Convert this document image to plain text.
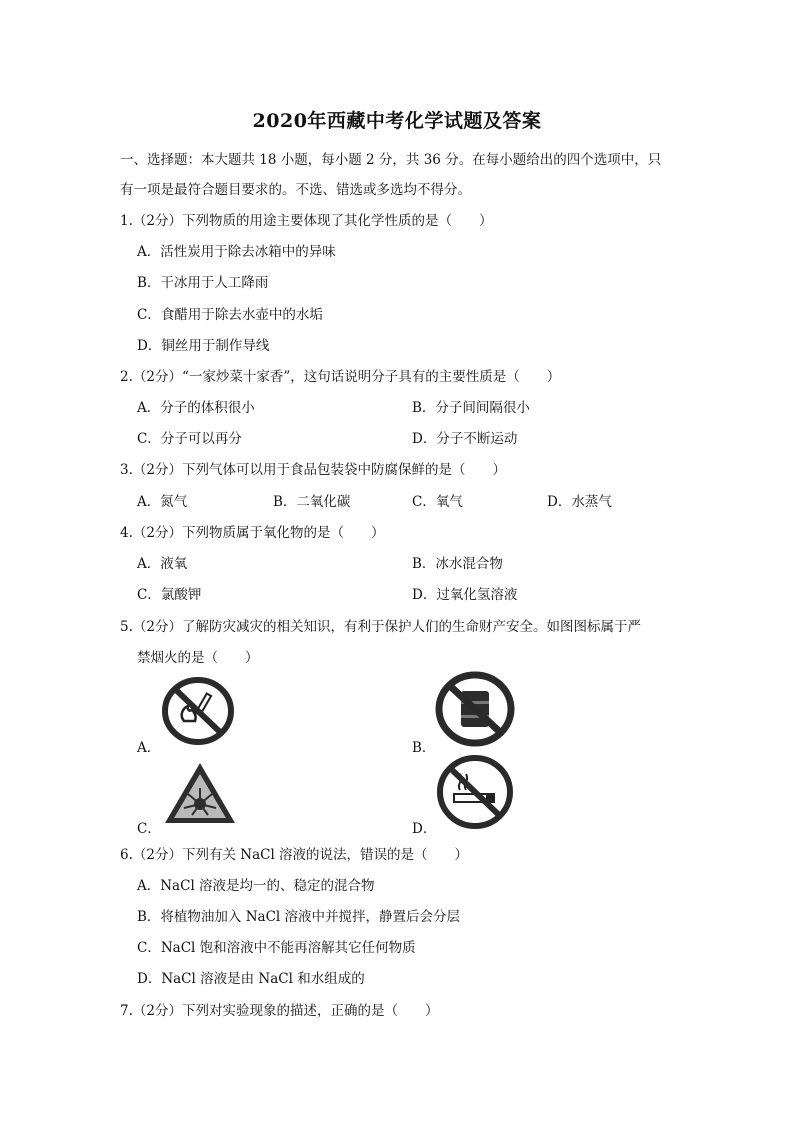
2020年西藏中考化学试题及答案
一、选择题：本大题共 18 小题，每小题 2 分，共 36 分。在每小题给出的四个选项中，只
有一项是最符合题目要求的。不选、错选或多选均不得分。
1.（2分）下列物质的用途主要体现了其化学性质的是（　　）
A．活性炭用于除去冰箱中的异味
B．干冰用于人工降雨
C．食醋用于除去水壶中的水垢
D．铜丝用于制作导线
2.（2分）“一家炒菜十家香”，这句话说明分子具有的主要性质是（　　）
A．分子的体积很小	B．分子间间隔很小
C．分子可以再分	D．分子不断运动
3.（2分）下列气体可以用于食品包装袋中防腐保鲜的是（　　）
A．氮气	B．二氧化碳	C．氧气	D．水蒸气
4.（2分）下列物质属于氧化物的是（　　）
A．液氧	B．冰水混合物
C．氯酸钾	D．过氧化氢溶液
5.（2分）了解防灾减灾的相关知识，有利于保护人们的生命财产安全。如图图标属于严
禁烟火的是（　　）
A．	B．
C．	D．
6.（2分）下列有关 NaCl 溶液的说法，错误的是（　　）
A．NaCl 溶液是均一的、稳定的混合物
B．将植物油加入 NaCl 溶液中并搅拌，静置后会分层
C．NaCl 饱和溶液中不能再溶解其它任何物质
D．NaCl 溶液是由 NaCl 和水组成的
7.（2分）下列对实验现象的描述，正确的是（　　）
